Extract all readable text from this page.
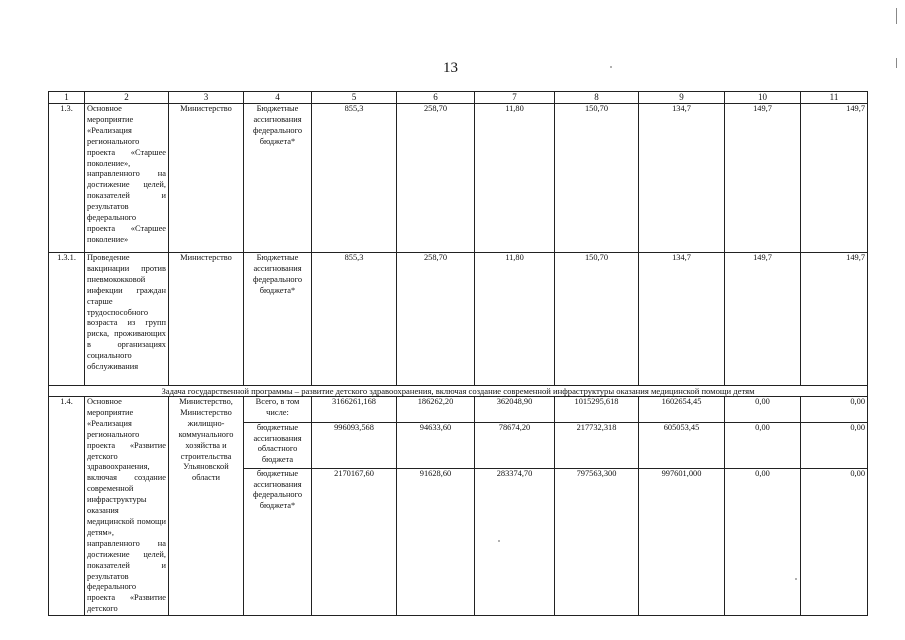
13
1	2	3	4	5	6	7	8	9	10	11
1.3.	Основное мероприятие «Реализация регионального проекта «Старшее поколение», направленного на достижение целей, показателей и результатов федерального проекта «Старшее поколение»	Министерство	Бюджетные ассигнования федерального бюджета*	855,3	258,70	11,80	150,70	134,7	149,7	149,7
1.3.1.	Проведение вакцинации против пневмококковой инфекции граждан старше трудоспособного возраста из групп риска, проживающих в организациях социального обслуживания	Министерство	Бюджетные ассигнования федерального бюджета*	855,3	258,70	11,80	150,70	134,7	149,7	149,7
Задача государственной программы – развитие детского здравоохранения, включая создание современной инфраструктуры оказания медицинской помощи детям										
1.4.	Основное мероприятие «Реализация регионального проекта «Развитие детского здравоохранения, включая создание современной инфраструктуры оказания медицинской помощи детям», направленного на достижение целей, показателей и результатов федерального проекта «Развитие детского	Министерство, Министерство жилищно-коммунального хозяйства и строительства Ульяновской области	Всего, в том числе:	3166261,168	186262,20	362048,90	1015295,618	1602654,45	0,00	0,00
			бюджетные ассигнования областного бюджета	996093,568	94633,60	78674,20	217732,318	605053,45	0,00	0,00
			бюджетные ассигнования федерального бюджета*	2170167,60	91628,60	283374,70	797563,300	997601,000	0,00	0,00
